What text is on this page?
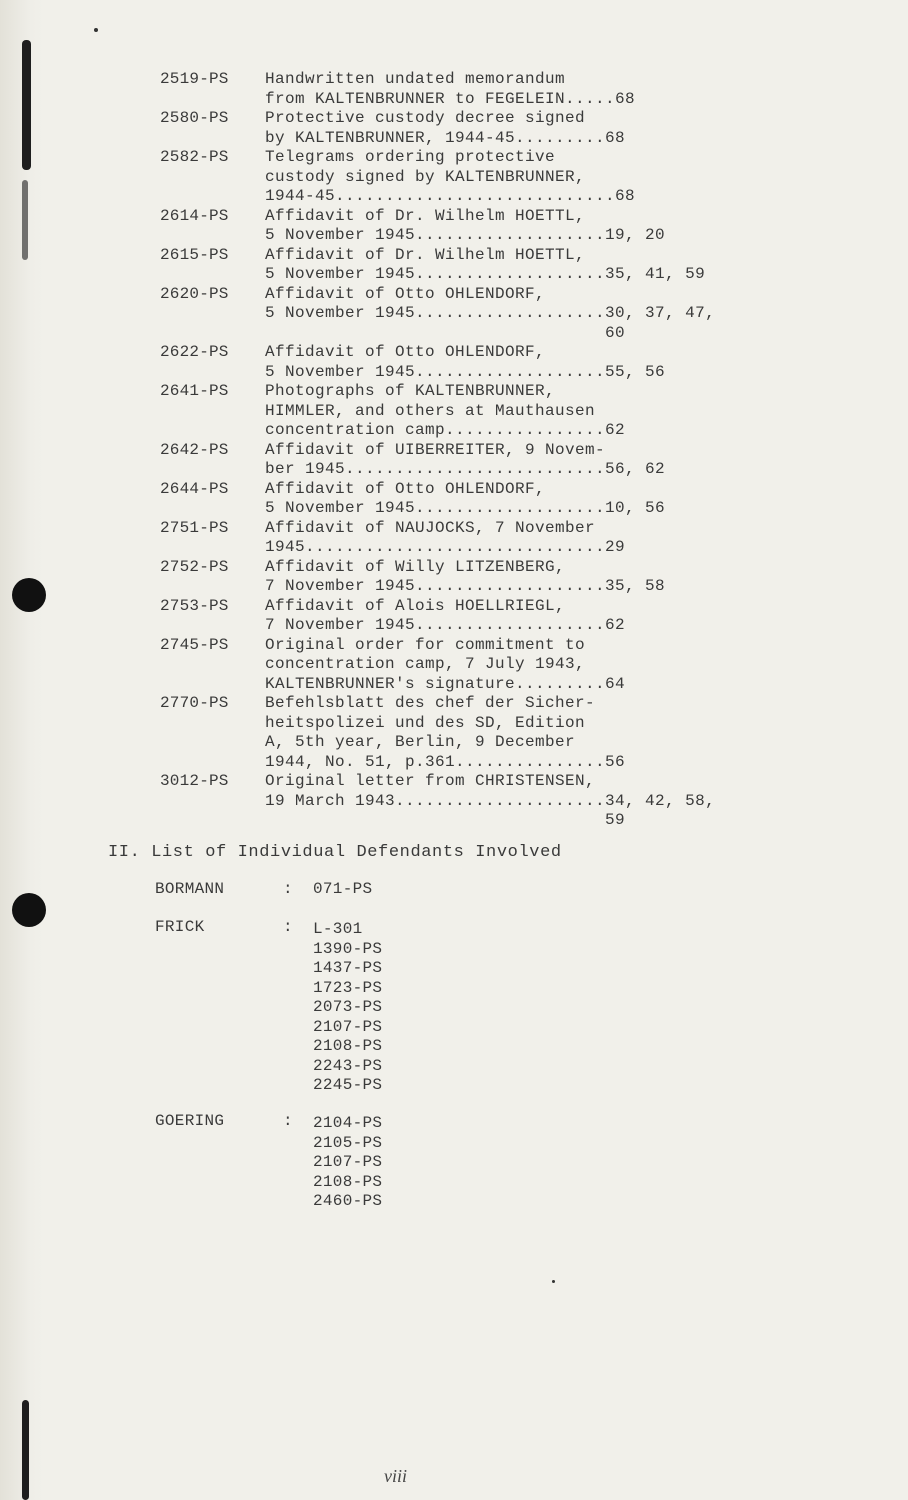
2519-PS	Handwritten undated memorandum
from KALTENBRUNNER to FEGELEIN.....68
2580-PS	Protective custody decree signed
by KALTENBRUNNER, 1944-45.........68
2582-PS	Telegrams ordering protective
custody signed by KALTENBRUNNER,
1944-45............................68
2614-PS	Affidavit of Dr. Wilhelm HOETTL,
5 November 1945...................19, 20
2615-PS	Affidavit of Dr. Wilhelm HOETTL,
5 November 1945...................35, 41, 59
2620-PS	Affidavit of Otto OHLENDORF,
5 November 1945...................30, 37, 47,
60
2622-PS	Affidavit of Otto OHLENDORF,
5 November 1945...................55, 56
2641-PS	Photographs of KALTENBRUNNER,
HIMMLER, and others at Mauthausen
concentration camp................62
2642-PS	Affidavit of UIBERREITER, 9 Novem-
ber 1945..........................56, 62
2644-PS	Affidavit of Otto OHLENDORF,
5 November 1945...................10, 56
2751-PS	Affidavit of NAUJOCKS, 7 November
1945..............................29
2752-PS	Affidavit of Willy LITZENBERG,
7 November 1945...................35, 58
2753-PS	Affidavit of Alois HOELLRIEGL,
7 November 1945...................62
2745-PS	Original order for commitment to
concentration camp, 7 July 1943,
KALTENBRUNNER's signature.........64
2770-PS	Befehlsblatt des chef der Sicher-
heitspolizei und des SD, Edition
A, 5th year, Berlin, 9 December
1944, No. 51, p.361...............56
3012-PS	Original letter from CHRISTENSEN,
19 March 1943.....................34, 42, 58,
59
II. List of Individual Defendants Involved
BORMANN	: 071-PS
FRICK	: L-301
1390-PS
1437-PS
1723-PS
2073-PS
2107-PS
2108-PS
2243-PS
2245-PS
GOERING	: 2104-PS
2105-PS
2107-PS
2108-PS
2460-PS
viii
